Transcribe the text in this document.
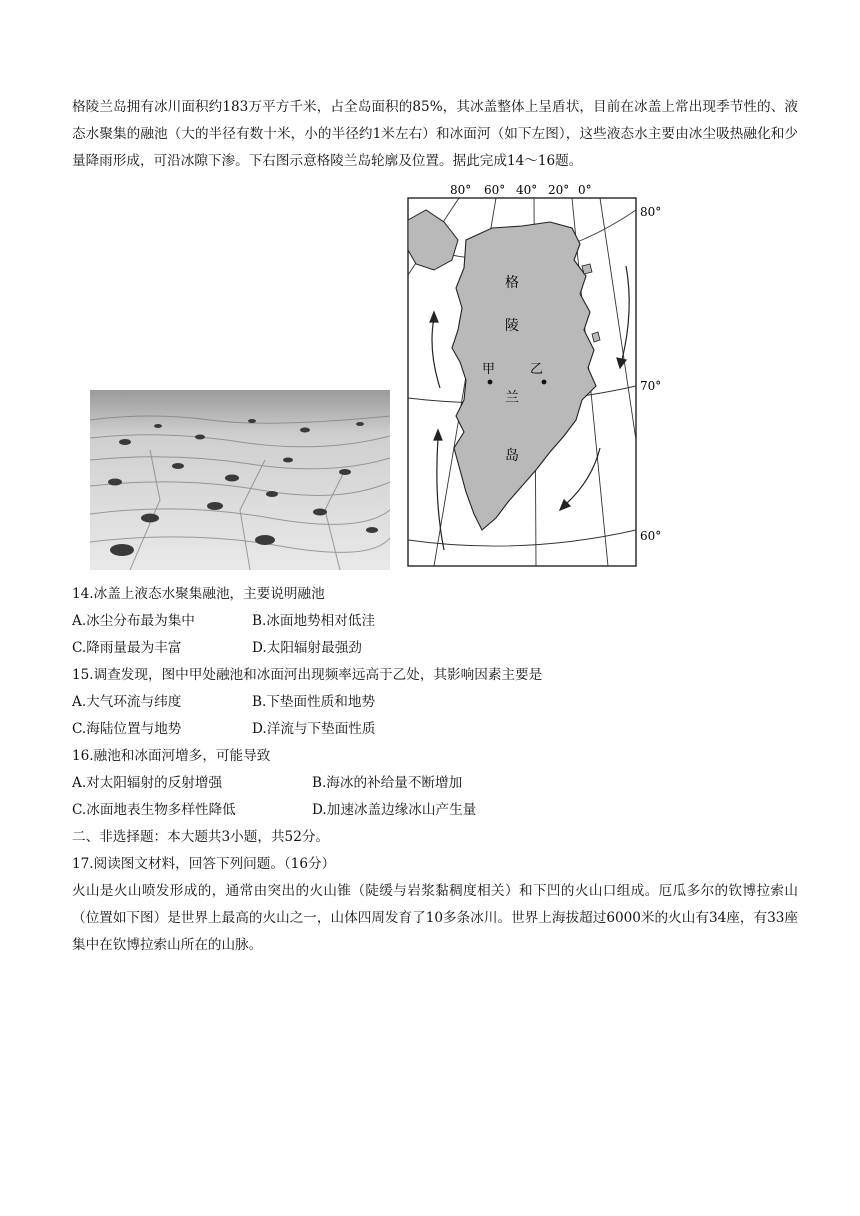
格陵兰岛拥有冰川面积约183万平方千米，占全岛面积的85%，其冰盖整体上呈盾状，目前在冰盖上常出现季节性的、液态水聚集的融池（大的半径有数十米，小的半径约1米左右）和冰面河（如下左图），这些液态水主要由冰尘吸热融化和少量降雨形成，可沿冰隙下渗。下右图示意格陵兰岛轮廓及位置。据此完成14～16题。

格
陵
兰
岛
甲	乙
80° 60° 40° 20° 0°
80°
70°
60°
14.冰盖上液态水聚集融池，主要说明融池
A.冰尘分布最为集中	B.冰面地势相对低洼
C.降雨量最为丰富	D.太阳辐射最强劲
15.调查发现，图中甲处融池和冰面河出现频率远高于乙处，其影响因素主要是
A.大气环流与纬度	B.下垫面性质和地势
C.海陆位置与地势	D.洋流与下垫面性质
16.融池和冰面河增多，可能导致
A.对太阳辐射的反射增强	B.海冰的补给量不断增加
C.冰面地表生物多样性降低	D.加速冰盖边缘冰山产生量
二、非选择题：本大题共3小题，共52分。
17.阅读图文材料，回答下列问题。（16分）

火山是火山喷发形成的，通常由突出的火山锥（陡缓与岩浆黏稠度相关）和下凹的火山口组成。厄瓜多尔的钦博拉索山（位置如下图）是世界上最高的火山之一，山体四周发育了10多条冰川。世界上海拔超过6000米的火山有34座，有33座集中在钦博拉索山所在的山脉。
